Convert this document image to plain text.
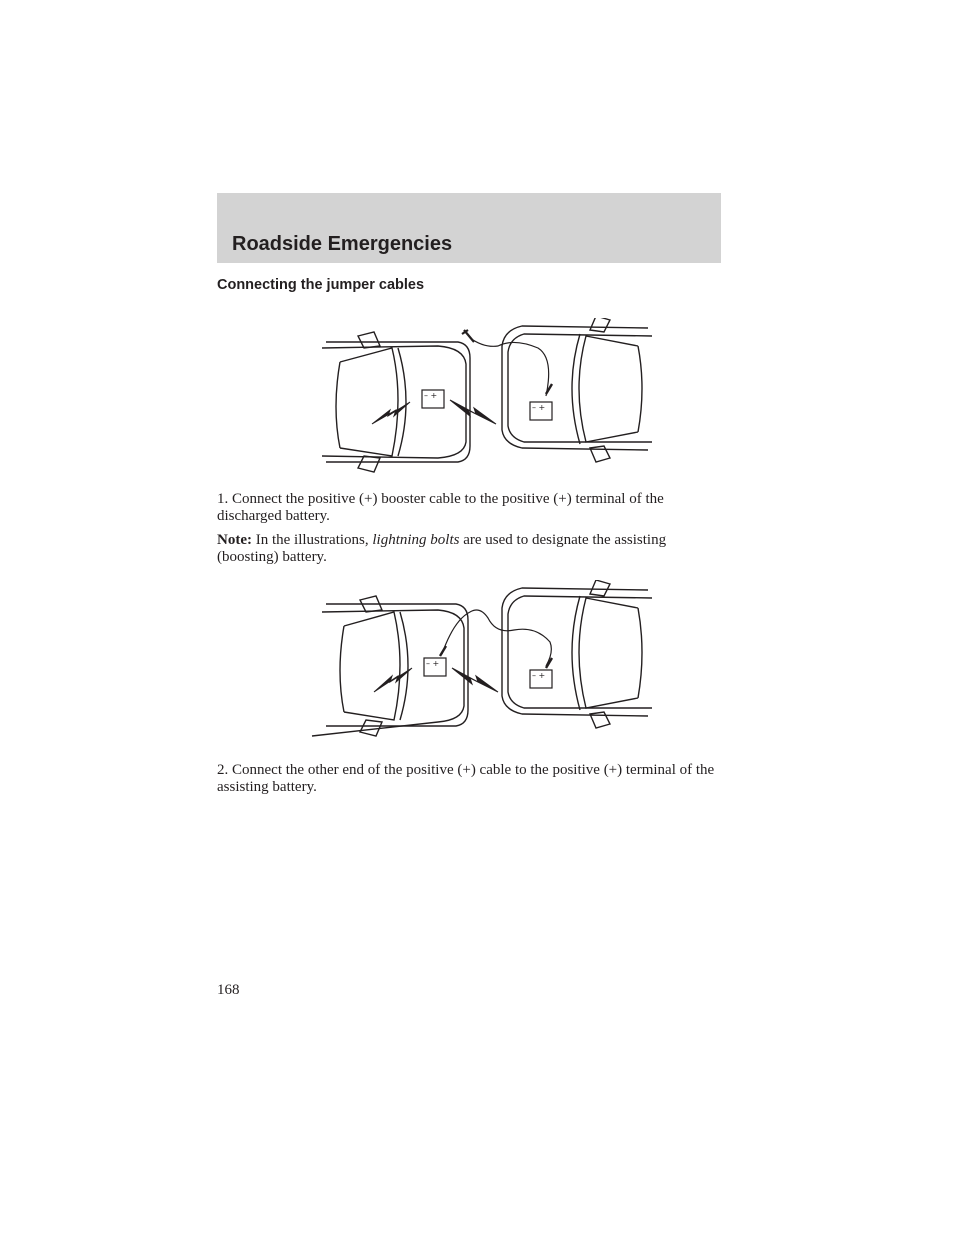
Roadside Emergencies
Connecting the jumper cables
– +
– +

1. Connect the positive (+) booster cable to the positive (+) terminal of the discharged battery.

Note: In the illustrations, lightning bolts are used to designate the assisting (boosting) battery.

– +
– +

2. Connect the other end of the positive (+) cable to the positive (+) terminal of the assisting battery.

168
